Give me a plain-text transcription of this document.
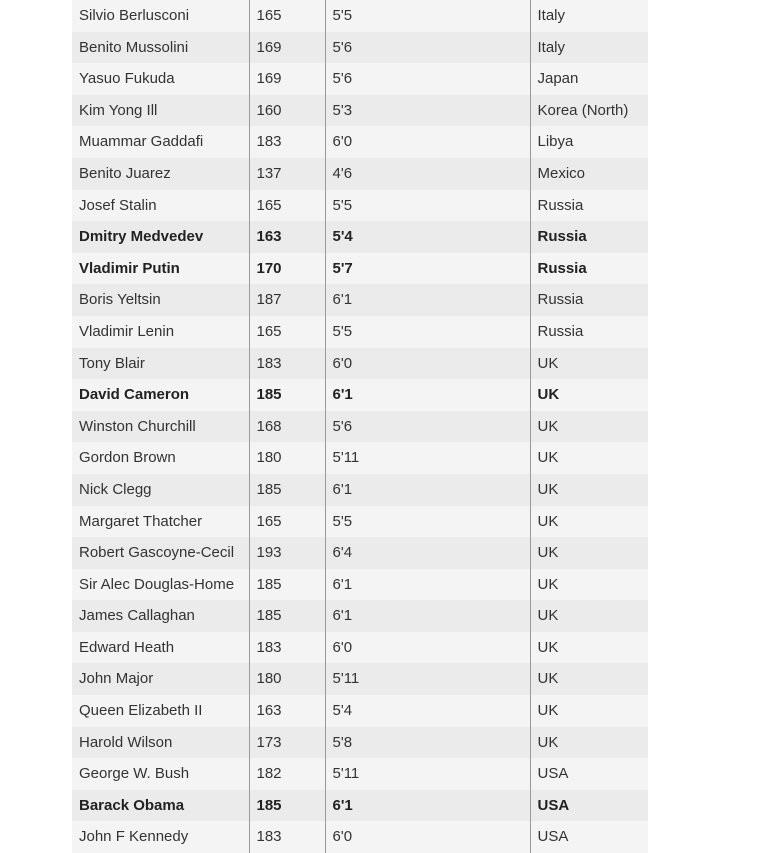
Silvio Berlusconi	165	5'5	Italy
Benito Mussolini	169	5'6	Italy
Yasuo Fukuda	169	5'6	Japan
Kim Yong Ill	160	5'3	Korea (North)
Muammar Gaddafi	183	6'0	Libya
Benito Juarez	137	4'6	Mexico
Josef Stalin	165	5'5	Russia
Dmitry Medvedev	163	5'4	Russia
Vladimir Putin	170	5'7	Russia
Boris Yeltsin	187	6'1	Russia
Vladimir Lenin	165	5'5	Russia
Tony Blair	183	6'0	UK
David Cameron	185	6'1	UK
Winston Churchill	168	5'6	UK
Gordon Brown	180	5'11	UK
Nick Clegg	185	6'1	UK
Margaret Thatcher	165	5'5	UK
Robert Gascoyne-Cecil	193	6'4	UK
Sir Alec Douglas-Home	185	6'1	UK
James Callaghan	185	6'1	UK
Edward Heath	183	6'0	UK
John Major	180	5'11	UK
Queen Elizabeth II	163	5'4	UK
Harold Wilson	173	5'8	UK
George W. Bush	182	5'11	USA
Barack Obama	185	6'1	USA
John F Kennedy	183	6'0	USA
